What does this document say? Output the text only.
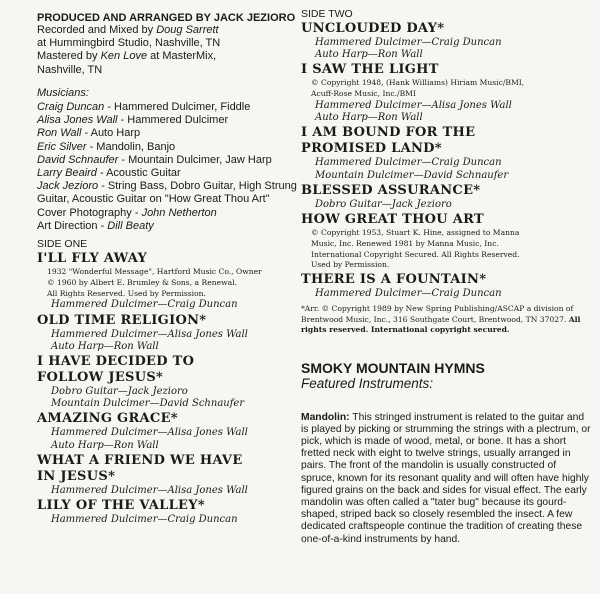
PRODUCED AND ARRANGED BY JACK JEZIORO
Recorded and Mixed by Doug Sarrett
at Hummingbird Studio, Nashville, TN
Mastered by Ken Love at MasterMix,
Nashville, TN
Musicians:
Craig Duncan - Hammered Dulcimer, Fiddle
Alisa Jones Wall - Hammered Dulcimer
Ron Wall - Auto Harp
Eric Silver - Mandolin, Banjo
David Schnaufer - Mountain Dulcimer, Jaw Harp
Larry Beaird - Acoustic Guitar
Jack Jezioro - String Bass, Dobro Guitar, High Strung Guitar, Acoustic Guitar on "How Great Thou Art"
Cover Photography - John Netherton
Art Direction - Dill Beaty
SIDE ONE
I'LL FLY AWAY
1932 "Wonderful Message", Hartford Music Co., Owner
© 1960 by Albert E. Brumley & Sons, a Renewal.
All Rights Reserved. Used by Permission.
Hammered Dulcimer—Craig Duncan
OLD TIME RELIGION*
Hammered Dulcimer—Alisa Jones Wall
Auto Harp—Ron Wall
I HAVE DECIDED TO
FOLLOW JESUS*
Dobro Guitar—Jack Jezioro
Mountain Dulcimer—David Schnaufer
AMAZING GRACE*
Hammered Dulcimer—Alisa Jones Wall
Auto Harp—Ron Wall
WHAT A FRIEND WE HAVE
IN JESUS*
Hammered Dulcimer—Alisa Jones Wall
LILY OF THE VALLEY*
Hammered Dulcimer—Craig Duncan
SIDE TWO
UNCLOUDED DAY*
Hammered Dulcimer—Craig Duncan
Auto Harp—Ron Wall
I SAW THE LIGHT
© Copyright 1948, (Hank Williams) Hiriam Music/BMI,
Acuff-Rose Music, Inc./BMI
Hammered Dulcimer—Alisa Jones Wall
Auto Harp—Ron Wall
I AM BOUND FOR THE
PROMISED LAND*
Hammered Dulcimer—Craig Duncan
Mountain Dulcimer—David Schnaufer
BLESSED ASSURANCE*
Dobro Guitar—Jack Jezioro
HOW GREAT THOU ART
© Copyright 1953, Stuart K. Hine, assigned to Manna
Music, Inc. Renewed 1981 by Manna Music, Inc.
International Copyright Secured. All Rights Reserved.
Used by Permission.
THERE IS A FOUNTAIN*
Hammered Dulcimer—Craig Duncan
*Arr. © Copyright 1989 by New Spring Publishing/ASCAP a division of Brentwood Music, Inc., 316 Southgate Court, Brentwood, TN 37027. All rights reserved. International copyright secured.
SMOKY MOUNTAIN HYMNS
Featured Instruments:
Mandolin: This stringed instrument is related to the guitar and is played by picking or strumming the strings with a plectrum, or pick, which is made of wood, metal, or bone. It has a short fretted neck with eight to twelve strings, usually arranged in pairs. The front of the mandolin is usually constructed of spruce, known for its resonant quality and will often have highly figured grains on the back and sides for visual effect. The early mandolin was often called a "tater bug" because its gourd-shaped, striped back so closely resembled the insect. A few dedicated craftspeople continue the tradition of creating these one-of-a-kind instruments by hand.
